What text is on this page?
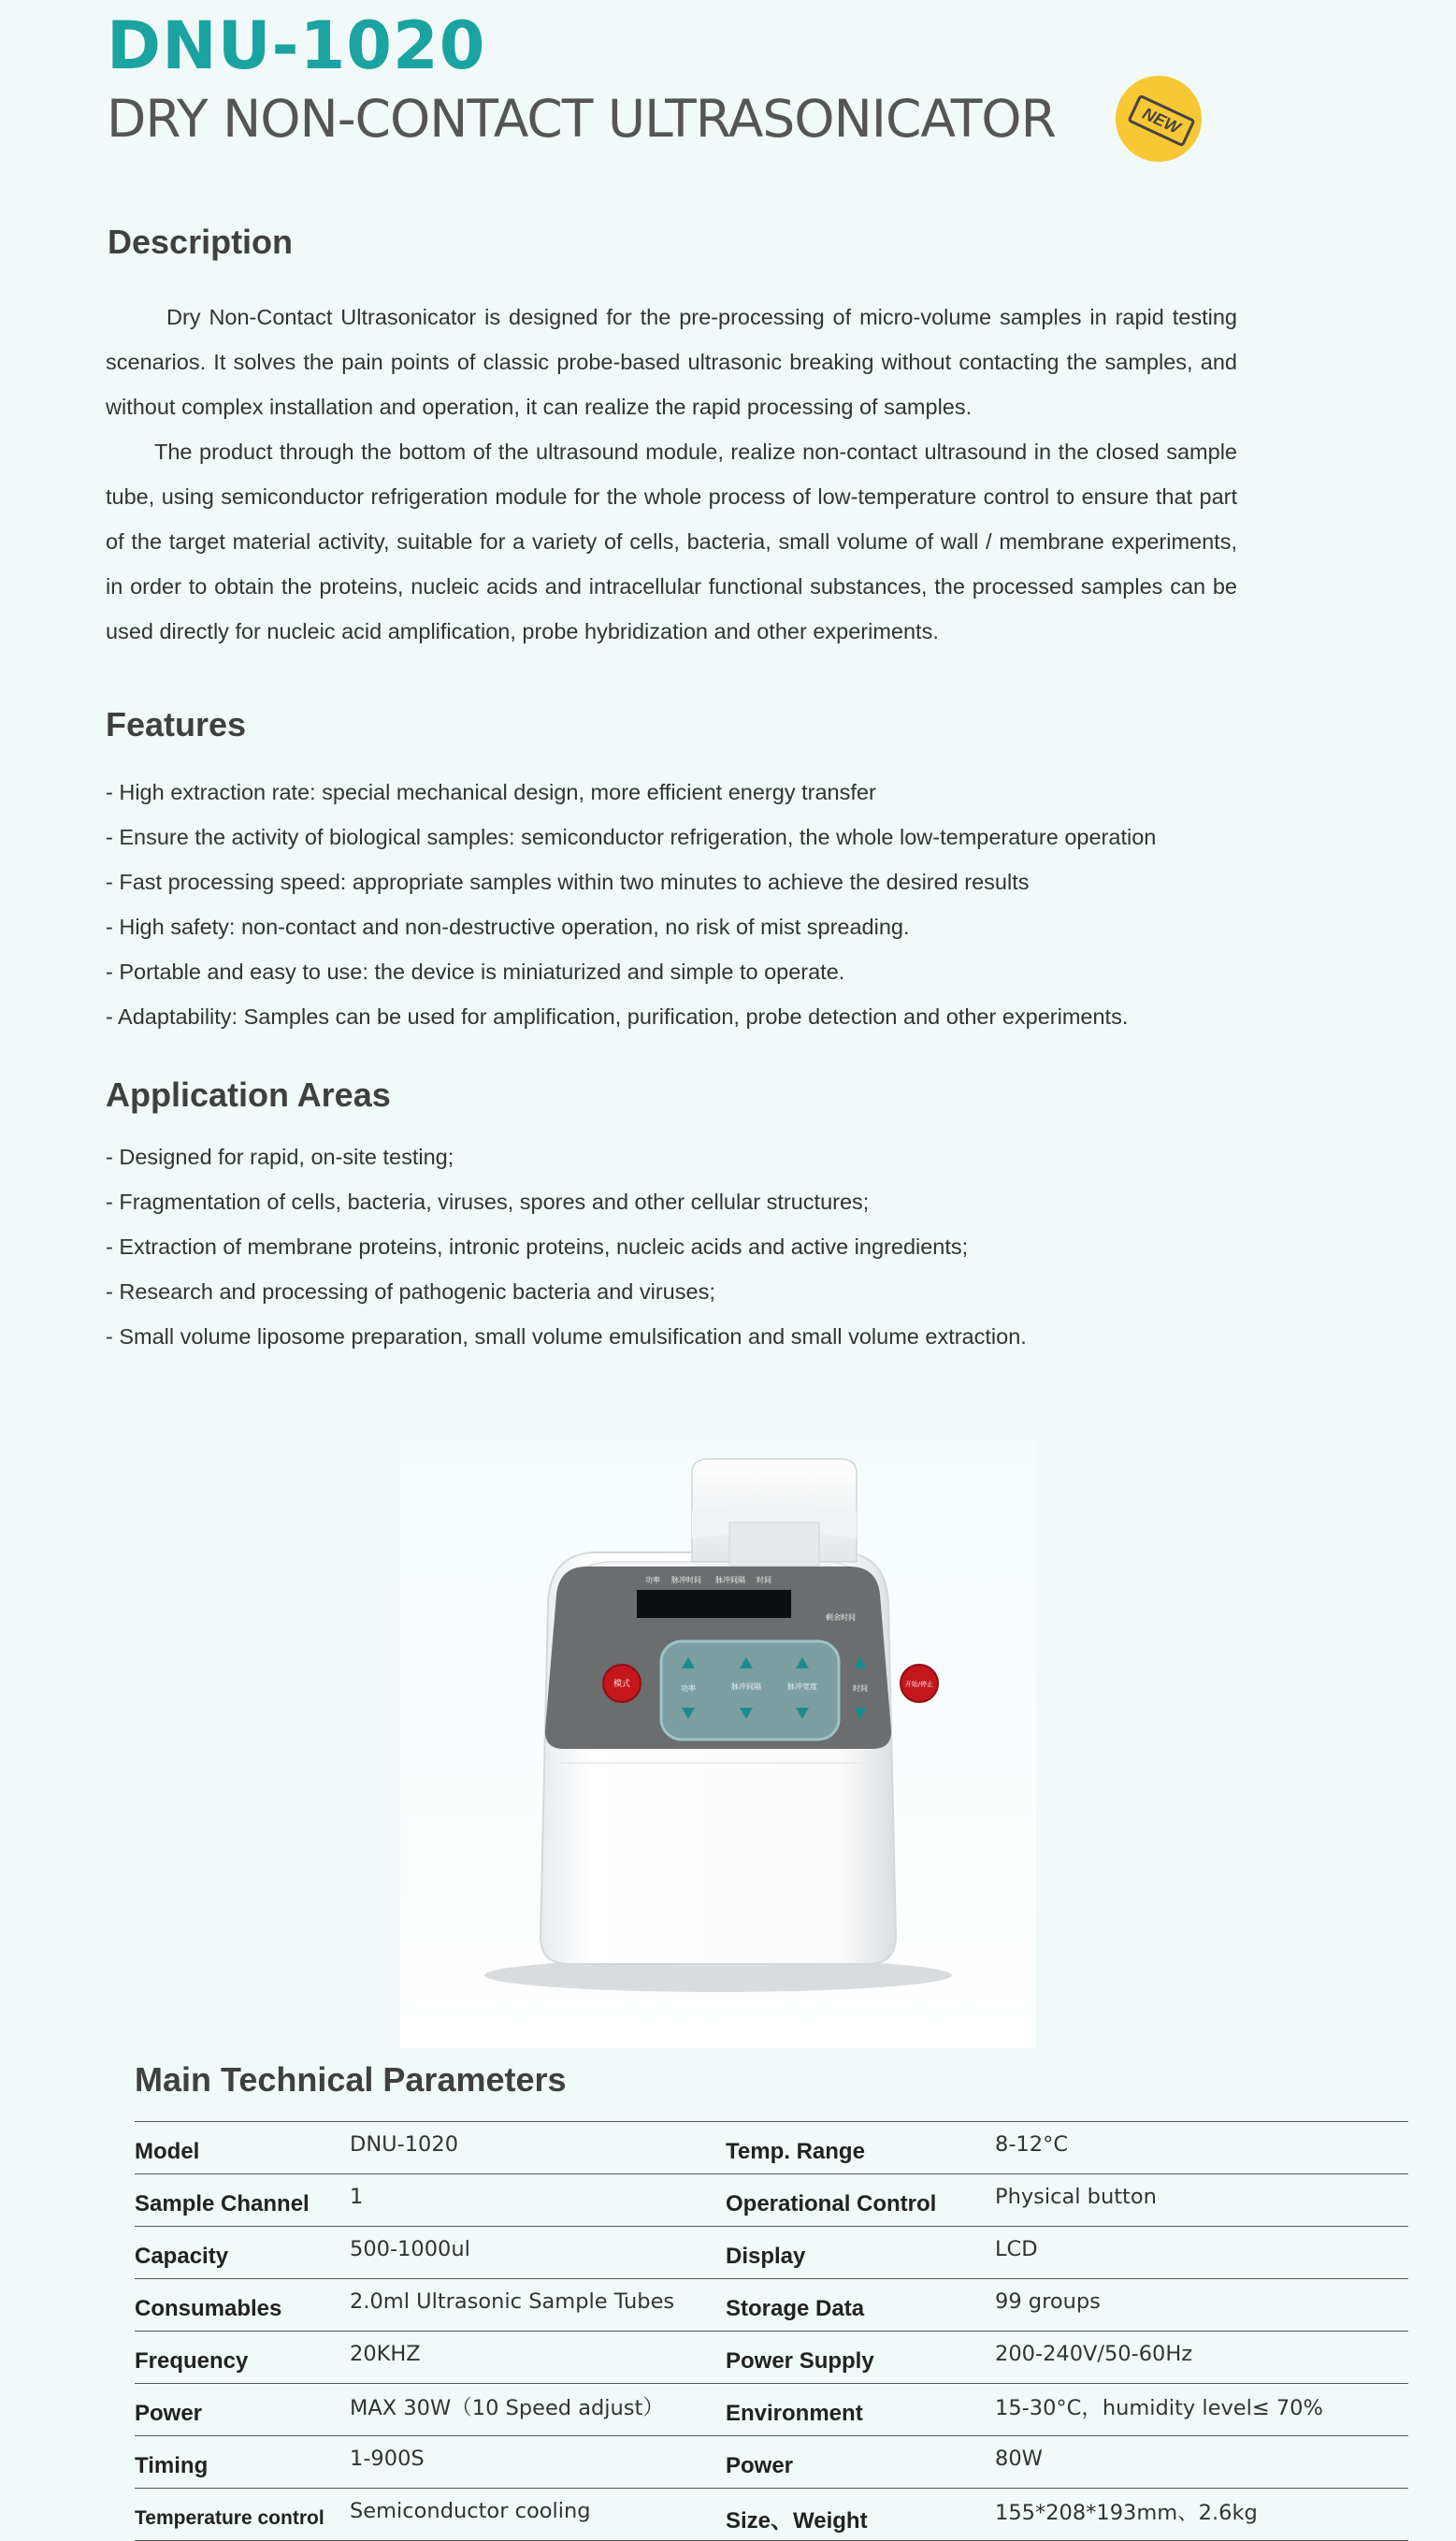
DNU-1020
DRY NON-CONTACT ULTRASONICATOR	NEW
Description

Dry Non-Contact Ultrasonicator is designed for the pre-processing of micro-volume samples in rapid testing scenarios. It solves the pain points of classic probe-based ultrasonic breaking without contacting the samples, and without complex installation and operation, it can realize the rapid processing of samples.

The product through the bottom of the ultrasound module, realize non-contact ultrasound in the closed sample tube, using semiconductor refrigeration module for the whole process of low-temperature control to ensure that part of the target material activity, suitable for a variety of cells, bacteria, small volume of wall / membrane experiments, in order to obtain the proteins, nucleic acids and intracellular functional substances, the processed samples can be used directly for nucleic acid amplification, probe hybridization and other experiments.

Features
- High extraction rate: special mechanical design, more efficient energy transfer
- Ensure the activity of biological samples: semiconductor refrigeration, the whole low-temperature operation
- Fast processing speed: appropriate samples within two minutes to achieve the desired results
- High safety: non-contact and non-destructive operation, no risk of mist spreading.
- Portable and easy to use: the device is miniaturized and simple to operate.
- Adaptability: Samples can be used for amplification, purification, probe detection and other experiments.
Application Areas
- Designed for rapid, on-site testing;
- Fragmentation of cells, bacteria, viruses, spores and other cellular structures;
- Extraction of membrane proteins, intronic proteins, nucleic acids and active ingredients;
- Research and processing of pathogenic bacteria and viruses;
- Small volume liposome preparation, small volume emulsification and small volume extraction.
功率 脉冲时间 脉冲间隔 时间
剩余时间
功率	脉冲间隔	脉冲宽度	时间
模式	开始/停止
Main Technical Parameters
Model	DNU-1020	Temp. Range	8-12°C
Sample Channel	1	Operational Control	Physical button
Capacity	500-1000ul	Display	LCD
Consumables	2.0ml Ultrasonic Sample Tubes	Storage Data	99 groups
Frequency	20KHZ	Power Supply	200-240V/50-60Hz
Power	MAX 30W（10 Speed adjust）	Environment	15-30°C，humidity level≤ 70%
Timing	1-900S	Power	80W
Temperature control	Semiconductor cooling	Size、Weight	155*208*193mm、2.6kg
